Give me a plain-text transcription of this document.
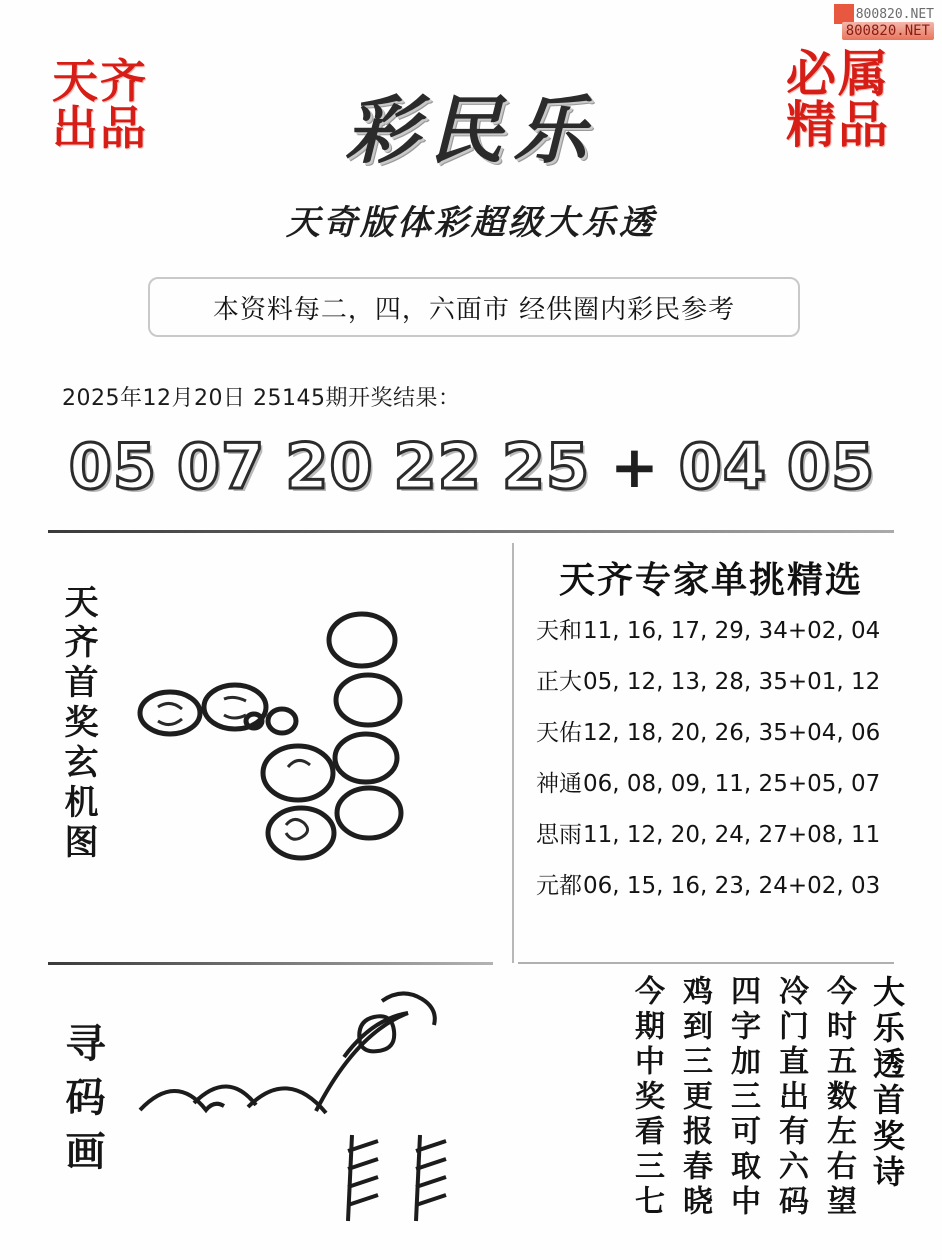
800820.NET
800820.NET
天齐
出品
必属
精品
彩民乐
天奇版体彩超级大乐透
本资料每二，四，六面市 经供圈内彩民参考
2025年12月20日 25145期开奖结果：
05 07 20 22 25 + 04 05
天齐首奖玄机图
寻码画
天齐专家单挑精选
天和 11, 16, 17, 29, 34+02, 04
正大 05, 12, 13, 28, 35+01, 12
天佑 12, 18, 20, 26, 35+04, 06
神通 06, 08, 09, 11, 25+05, 07
思雨 11, 12, 20, 24, 27+08, 11
元都 06, 15, 16, 23, 24+02, 03
大乐透首奖诗
今时五数左右望
冷门直出有六码
四字加三可取中
鸡到三更报春晓
今期中奖看三七
